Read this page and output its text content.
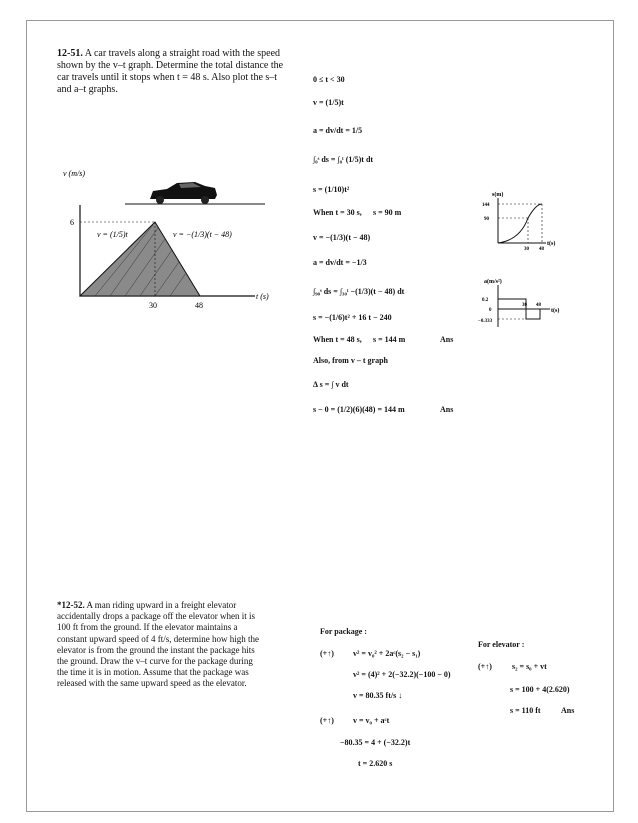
12-51. A car travels along a straight road with the speed
shown by the v–t graph. Determine the total distance the
car travels until it stops when t = 48 s. Also plot the s–t
and a–t graphs.
v (m/s)
6
30	48
t (s)
v = (1/5)t	v = −(1/3)(t − 48)
0 ≤ t < 30
v = (1/5)t
a = dv/dt = 1/5
∫₀ˢ ds = ∫₀ᵗ (1/5)t dt
s = (1/10)t²
When t = 30 s, s = 90 m
v = −(1/3)(t − 48)
a = dv/dt = −1/3
∫₉₀ˢ ds = ∫₃₀ᵗ −(1/3)(t − 48) dt
s = −(1/6)t² + 16 t − 240
When t = 48 s, s = 144 m	Ans
Also, from v – t graph
Δ s = ∫ v dt
s − 0 = (1/2)(6)(48) = 144 m	Ans
s(m)
144
90
30 48
t(s)
a(m/s²)
0.2
0
−0.333
30 48
t(s)
*12-52. A man riding upward in a freight elevator
accidentally drops a package off the elevator when it is
100 ft from the ground. If the elevator maintains a
constant upward speed of 4 ft/s, determine how high the
elevator is from the ground the instant the package hits
the ground. Draw the v–t curve for the package during
the time it is in motion. Assume that the package was
released with the same upward speed as the elevator.
For package :
(+↑) v² = v₀² + 2aᶜ(s₂ − s₁)
v² = (4)² + 2(−32.2)(−100 − 0)
v = 80.35 ft/s ↓
(+↑) v = v₀ + aᶜt
−80.35 = 4 + (−32.2)t
t = 2.620 s
For elevator :
(+↑)	s₂ = s₀ + vt
s = 100 + 4(2.620)
s = 110 ft	Ans
